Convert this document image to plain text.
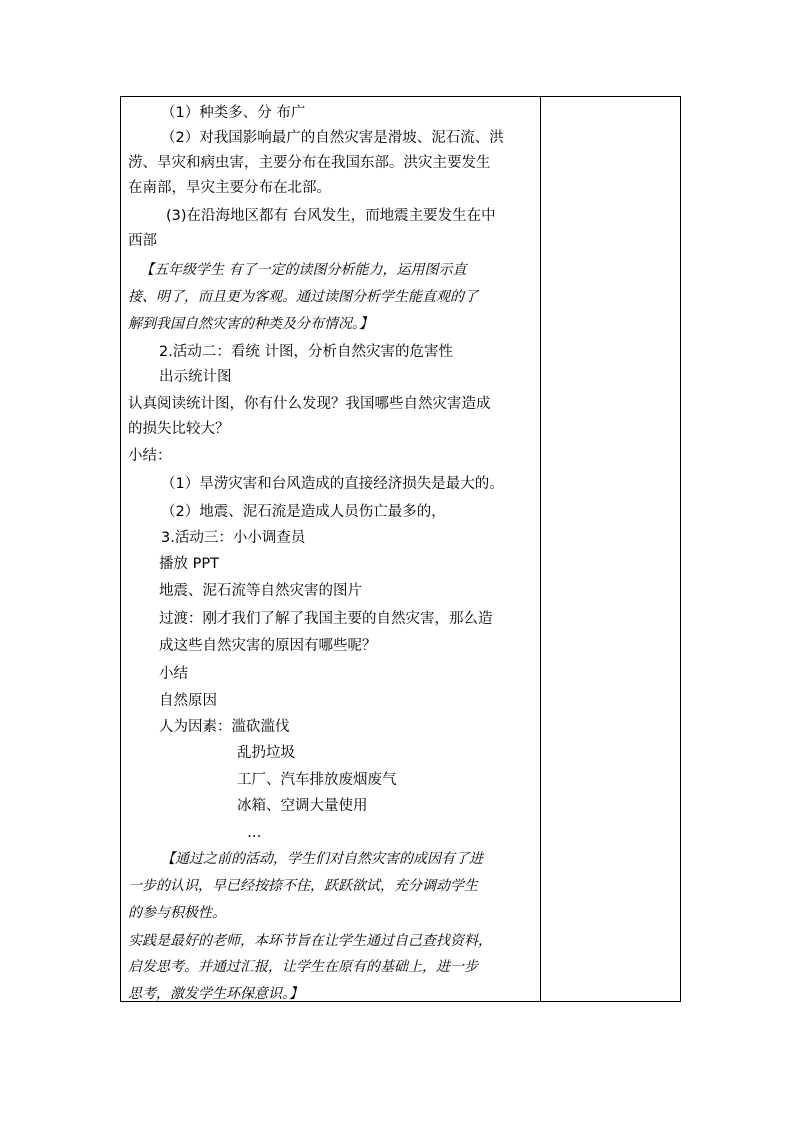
（1）种类多、分 布广
（2）对我国影响最广的自然灾害是滑坡、泥石流、洪
涝、旱灾和病虫害，主要分布在我国东部。洪灾主要发生
在南部，旱灾主要分布在北部。
(3)在沿海地区都有 台风发生，而地震主要发生在中
西部
【五年级学生 有了一定的读图分析能力，运用图示直
接、明了，而且更为客观。通过读图分析学生能直观的了
解到我国自然灾害的种类及分布情况。】
2.活动二：看统 计图，分析自然灾害的危害性
出示统计图
认真阅读统计图，你有什么发现？我国哪些自然灾害造成
的损失比较大？
小结：
（1）旱涝灾害和台风造成的直接经济损失是最大的。
（2）地震、泥石流是造成人员伤亡最多的，
3.活动三：小小调查员
播放 PPT
地震、泥石流等自然灾害的图片
过渡：刚才我们了解了我国主要的自然灾害，那么造
成这些自然灾害的原因有哪些呢？
小结
自然原因
人为因素：滥砍滥伐
乱扔垃圾
工厂、汽车排放废烟废气
冰箱、空调大量使用
…
【通过之前的活动，学生们对自然灾害的成因有了进
一步的认识，早已经按捺不住，跃跃欲试，充分调动学生
的参与积极性。
实践是最好的老师，本环节旨在让学生通过自己查找资料，
启发思考。并通过汇报，让学生在原有的基础上，进一步
思考，激发学生环保意识。】
